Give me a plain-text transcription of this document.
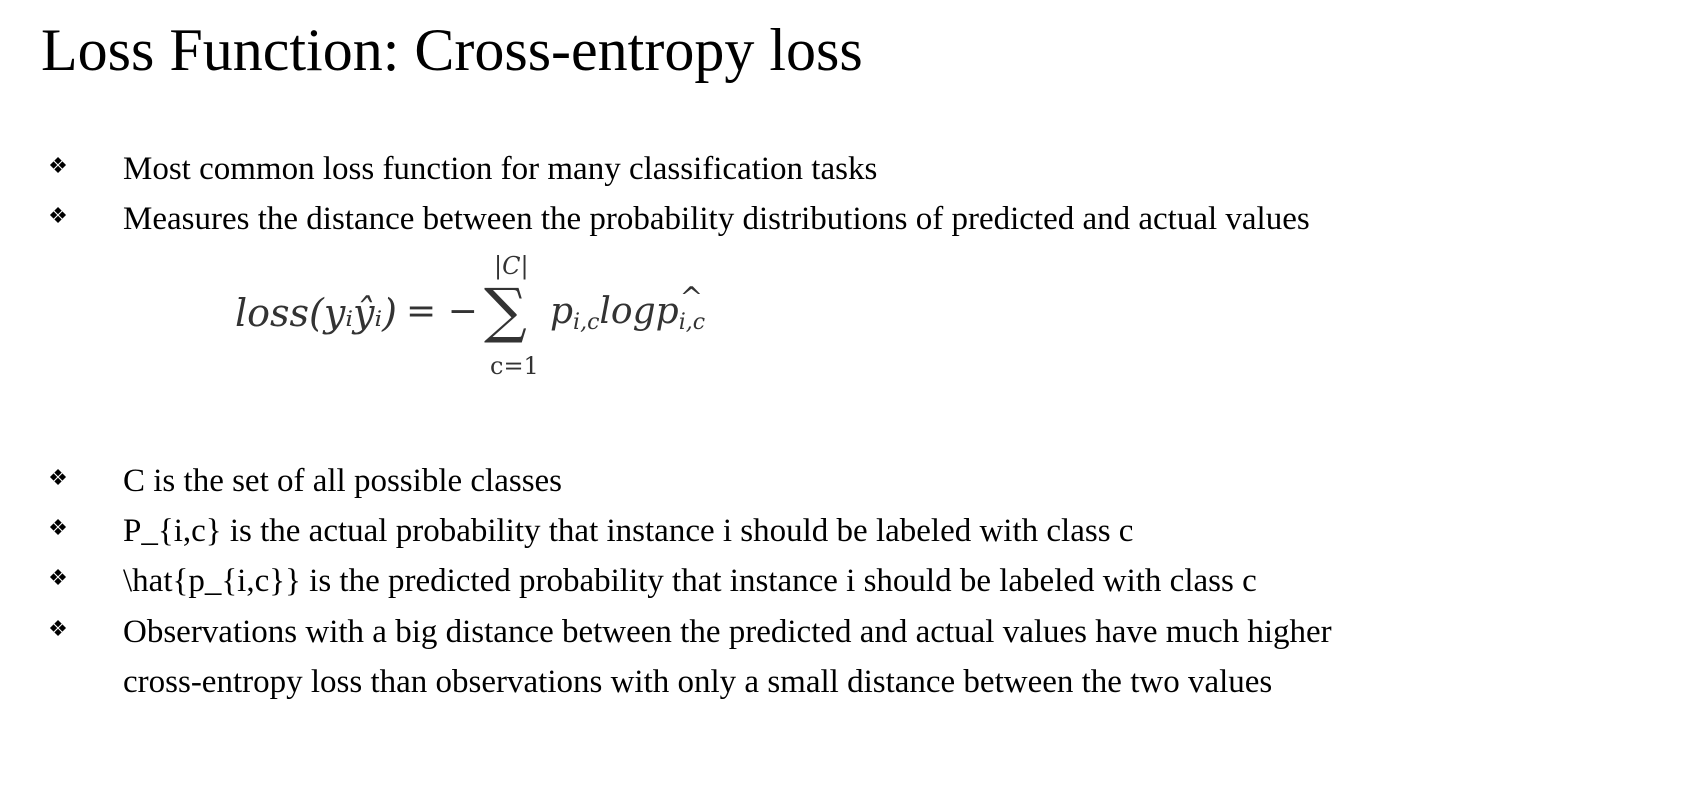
Loss Function: Cross-entropy loss
❖ Most common loss function for many classification tasks
❖ Measures the distance between the probability distributions of predicted and actual values
loss(yᵢŷᵢ) = −
|C|
∑
c=1
$p_{i,c}\log p_{i,c}$
^
❖ C is the set of all possible classes
❖ P_{i,c} is the actual probability that instance i should be labeled with class c
❖ \hat{p_{i,c}} is the predicted probability that instance i should be labeled with class c
❖ Observations with a big distance between the predicted and actual values have much higher
cross-entropy loss than observations with only a small distance between the two values
